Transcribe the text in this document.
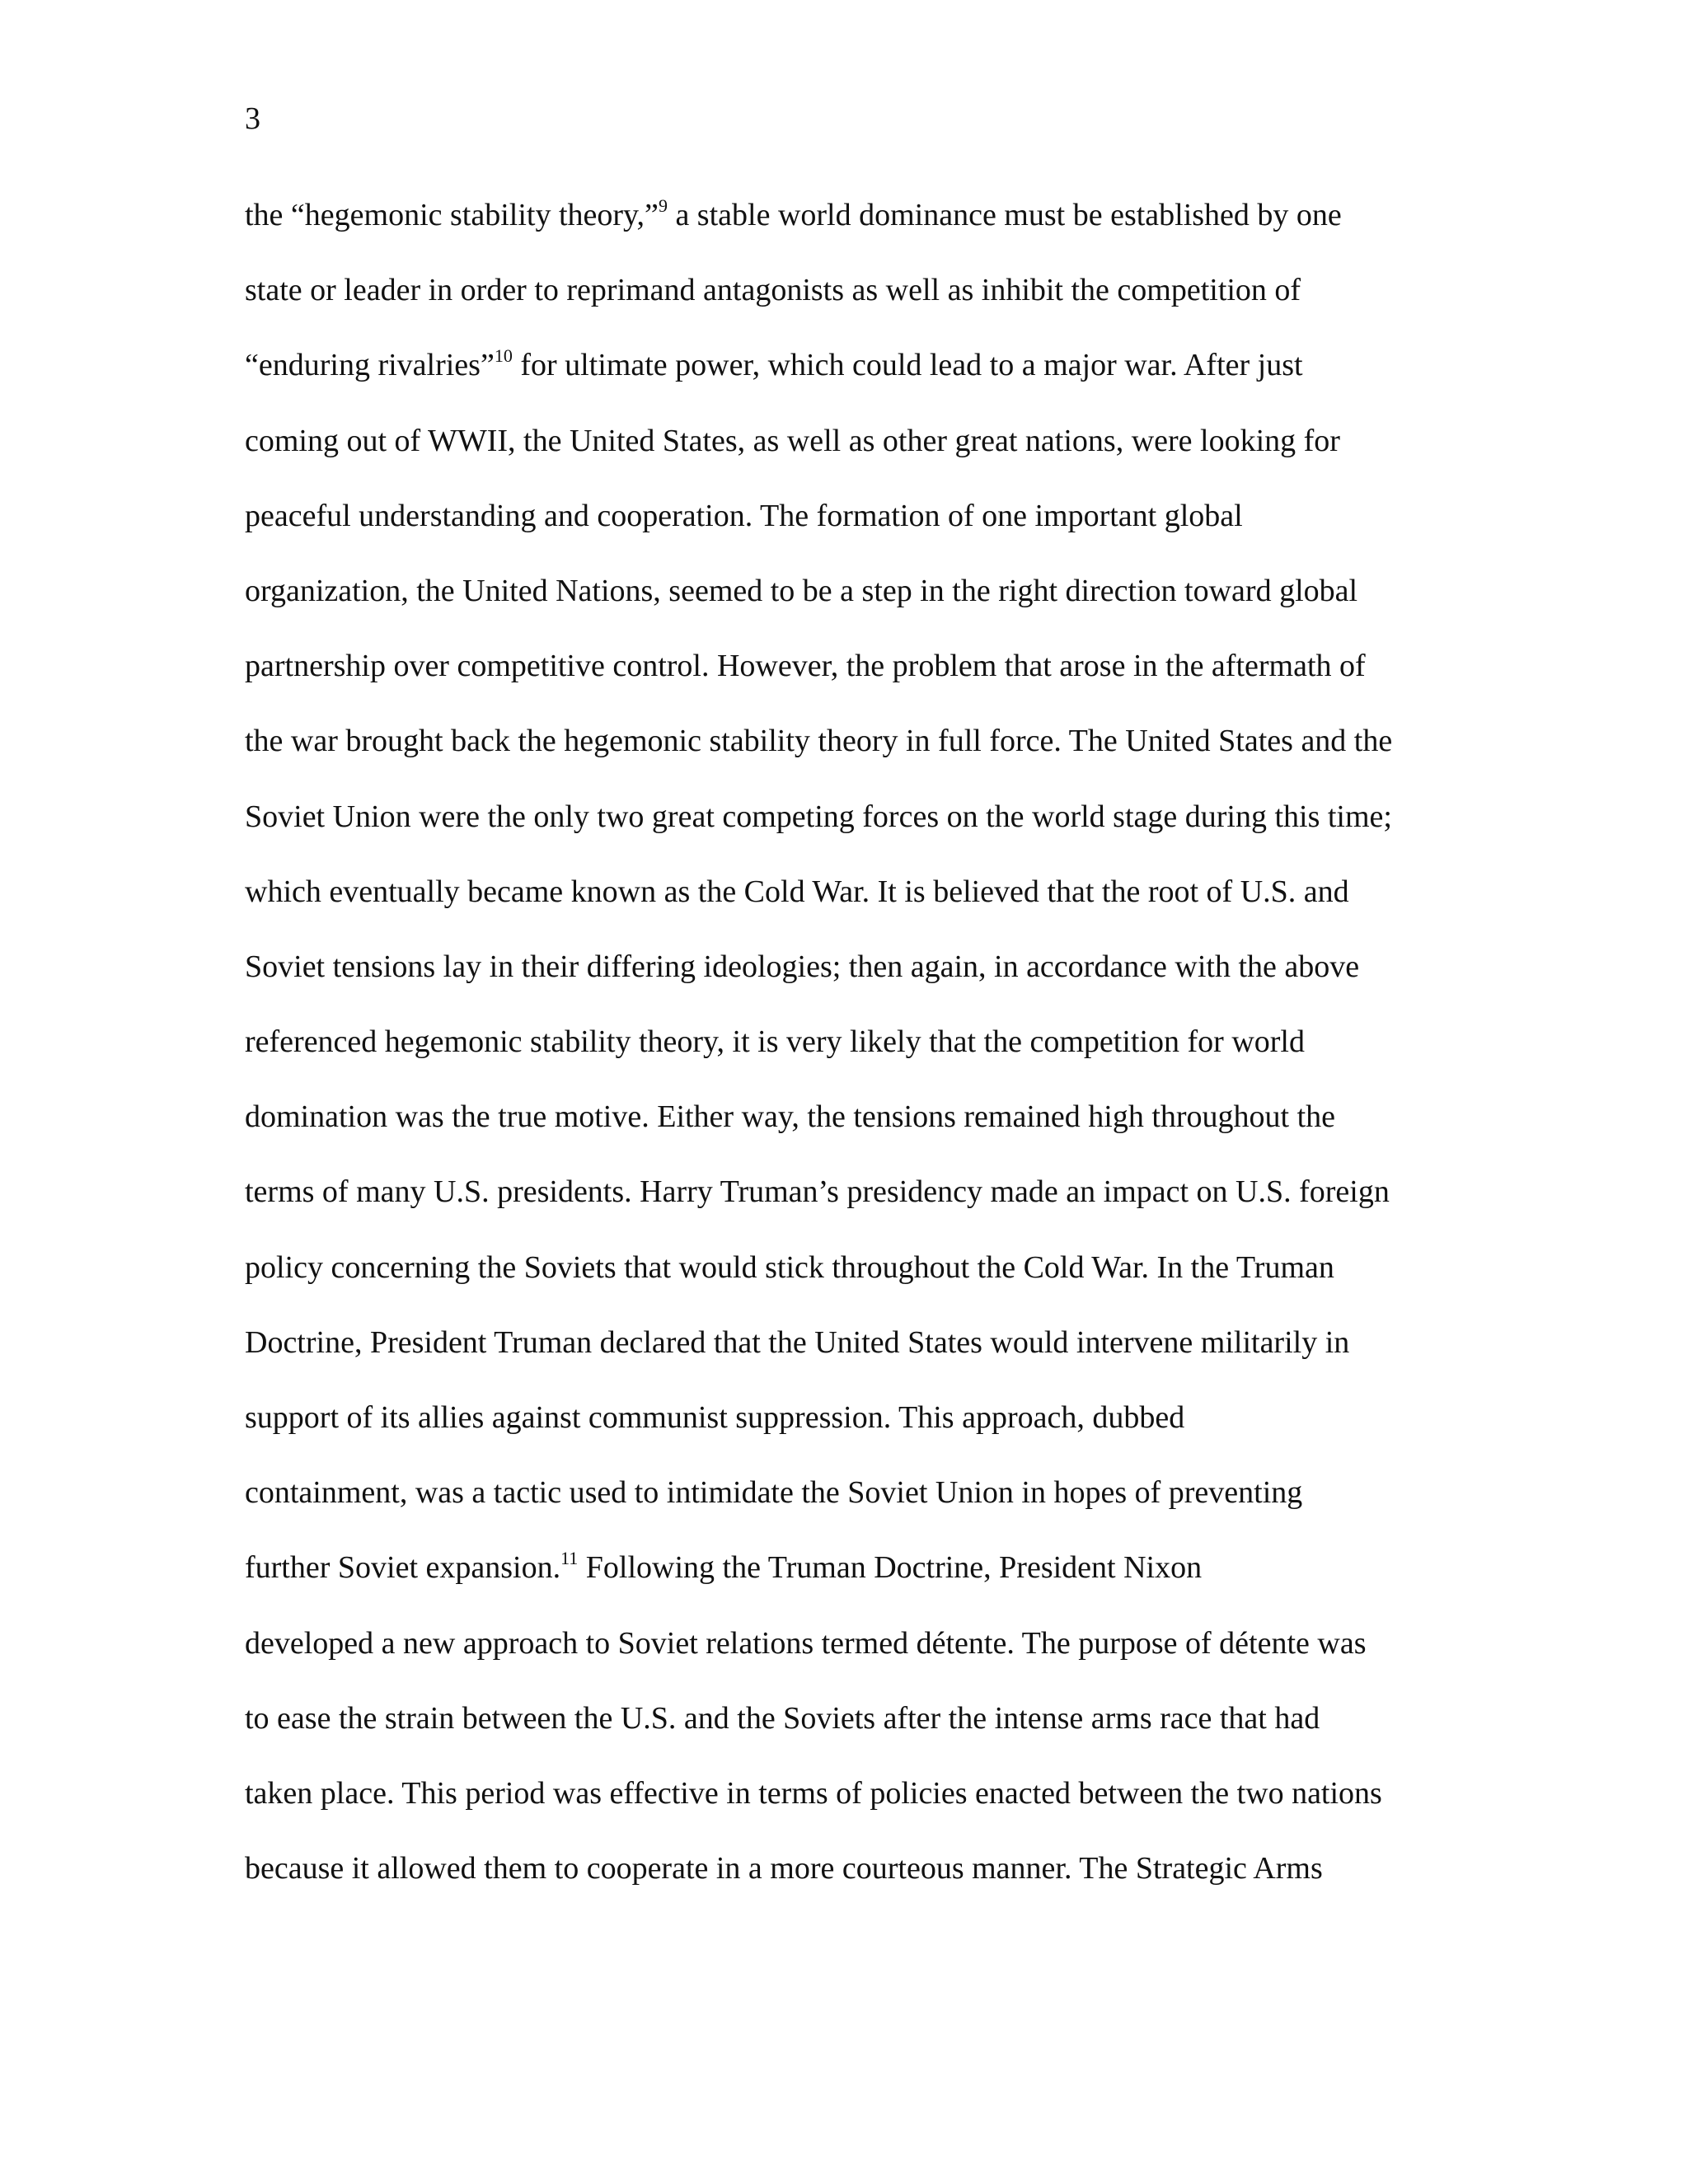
3
the “hegemonic stability theory,”$^9$ a stable world dominance must be established by one
state or leader in order to reprimand antagonists as well as inhibit the competition of
“enduring rivalries”$^{10}$ for ultimate power, which could lead to a major war. After just
coming out of WWII, the United States, as well as other great nations, were looking for
peaceful understanding and cooperation. The formation of one important global
organization, the United Nations, seemed to be a step in the right direction toward global
partnership over competitive control. However, the problem that arose in the aftermath of
the war brought back the hegemonic stability theory in full force. The United States and the
Soviet Union were the only two great competing forces on the world stage during this time;
which eventually became known as the Cold War. It is believed that the root of U.S. and
Soviet tensions lay in their differing ideologies; then again, in accordance with the above
referenced hegemonic stability theory, it is very likely that the competition for world
domination was the true motive. Either way, the tensions remained high throughout the
terms of many U.S. presidents. Harry Truman’s presidency made an impact on U.S. foreign
policy concerning the Soviets that would stick throughout the Cold War. In the Truman
Doctrine, President Truman declared that the United States would intervene militarily in
support of its allies against communist suppression. This approach, dubbed
containment, was a tactic used to intimidate the Soviet Union in hopes of preventing
further Soviet expansion.$^{11}$ Following the Truman Doctrine, President Nixon
developed a new approach to Soviet relations termed détente. The purpose of détente was
to ease the strain between the U.S. and the Soviets after the intense arms race that had
taken place. This period was effective in terms of policies enacted between the two nations
because it allowed them to cooperate in a more courteous manner. The Strategic Arms
